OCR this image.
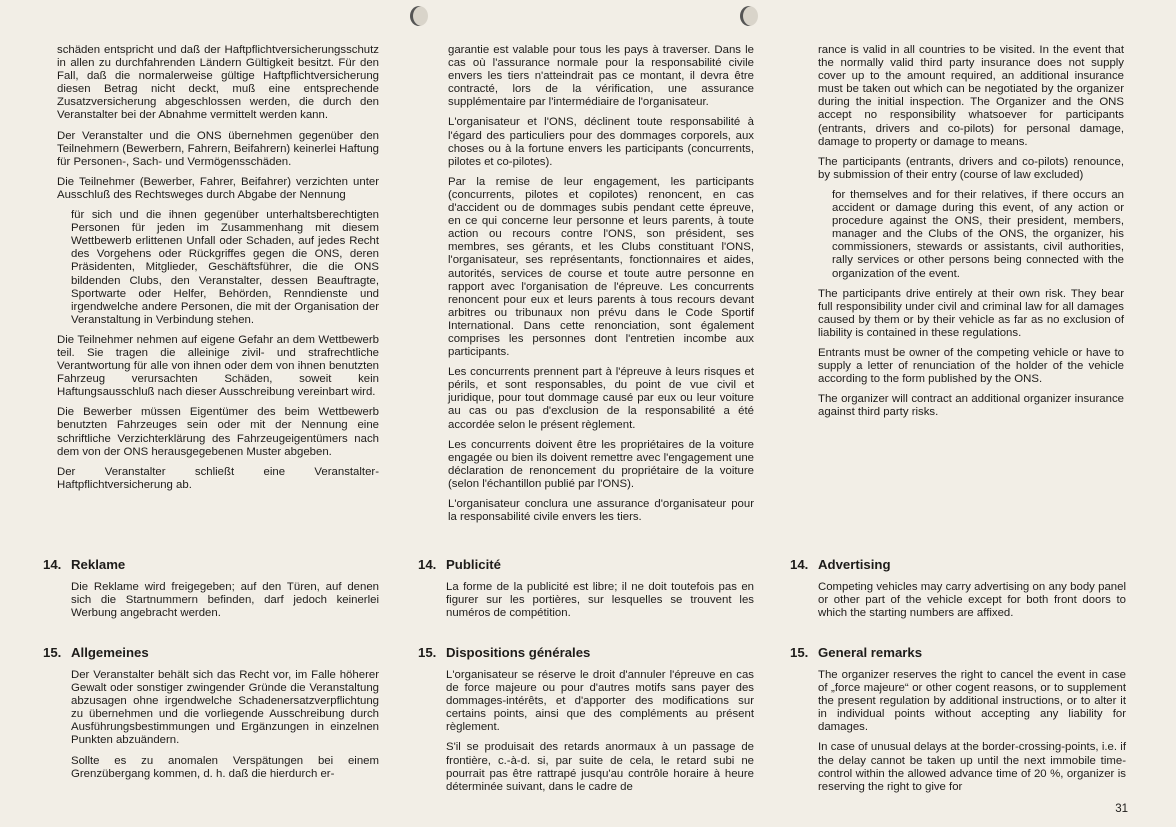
schäden entspricht und daß der Haftpflichtversicherungsschutz in allen zu durchfahrenden Ländern Gültigkeit besitzt. Für den Fall, daß die normalerweise gültige Haftpflichtversicherung diesen Betrag nicht deckt, muß eine entsprechende Zusatzversicherung abgeschlossen werden, die durch den Veranstalter bei der Abnahme vermittelt werden kann.

Der Veranstalter und die ONS übernehmen gegenüber den Teilnehmern (Bewerbern, Fahrern, Beifahrern) keinerlei Haftung für Personen-, Sach- und Vermögensschäden.

Die Teilnehmer (Bewerber, Fahrer, Beifahrer) verzichten unter Ausschluß des Rechtsweges durch Abgabe der Nennung

für sich und die ihnen gegenüber unterhaltsberechtigten Personen für jeden im Zusammenhang mit diesem Wettbewerb erlittenen Unfall oder Schaden, auf jedes Recht des Vorgehens oder Rückgriffes gegen die ONS, deren Präsidenten, Mitglieder, Geschäftsführer, die die ONS bildenden Clubs, den Veranstalter, dessen Beauftragte, Sportwarte oder Helfer, Behörden, Renndienste und irgendwelche andere Personen, die mit der Organisation der Veranstaltung in Verbindung stehen.

Die Teilnehmer nehmen auf eigene Gefahr an dem Wettbewerb teil. Sie tragen die alleinige zivil- und strafrechtliche Verantwortung für alle von ihnen oder dem von ihnen benutzten Fahrzeug verursachten Schäden, soweit kein Haftungsausschluß nach dieser Ausschreibung vereinbart wird.

Die Bewerber müssen Eigentümer des beim Wettbewerb benutzten Fahrzeuges sein oder mit der Nennung eine schriftliche Verzichterklärung des Fahrzeugeigentümers nach dem von der ONS herausgegebenen Muster abgeben.

Der Veranstalter schließt eine Veranstalter-Haftpflichtversicherung ab.

garantie est valable pour tous les pays à traverser. Dans le cas où l'assurance normale pour la responsabilité civile envers les tiers n'atteindrait pas ce montant, il devra être contracté, lors de la vérification, une assurance supplémentaire par l'intermédiaire de l'organisateur.

L'organisateur et l'ONS, déclinent toute responsabilité à l'égard des particuliers pour des dommages corporels, aux choses ou à la fortune envers les participants (concurrents, pilotes et co-pilotes).

Par la remise de leur engagement, les participants (concurrents, pilotes et copilotes) renoncent, en cas d'accident ou de dommages subis pendant cette épreuve, en ce qui concerne leur personne et leurs parents, à toute action ou recours contre l'ONS, son président, ses membres, ses gérants, et les Clubs constituant l'ONS, l'organisateur, ses représentants, fonctionnaires et aides, autorités, services de course et toute autre personne en rapport avec l'organisation de l'épreuve. Les concurrents renoncent pour eux et leurs parents à tous recours devant arbitres ou tribunaux non prévu dans le Code Sportif International. Dans cette renonciation, sont également comprises les personnes dont l'entretien incombe aux participants.

Les concurrents prennent part à l'épreuve à leurs risques et périls, et sont responsables, du point de vue civil et juridique, pour tout dommage causé par eux ou leur voiture au cas ou pas d'exclusion de la responsabilité a été accordée selon le présent règlement.

Les concurrents doivent être les propriétaires de la voiture engagée ou bien ils doivent remettre avec l'engagement une déclaration de renoncement du propriétaire de la voiture (selon l'échantillon publié par l'ONS).

L'organisateur conclura une assurance d'organisateur pour la responsabilité civile envers les tiers.

rance is valid in all countries to be visited. In the event that the normally valid third party insurance does not supply cover up to the amount required, an additional insurance must be taken out which can be negotiated by the organizer during the initial inspection. The Organizer and the ONS accept no responsibility whatsoever for participants (entrants, drivers and co-pilots) for personal damage, damage to property or damage to means.

The participants (entrants, drivers and co-pilots) renounce, by submission of their entry (course of law excluded)

for themselves and for their relatives, if there occurs an accident or damage during this event, of any action or procedure against the ONS, their president, members, manager and the Clubs of the ONS, the organizer, his commissioners, stewards or assistants, civil authorities, rally services or other persons being connected with the organization of the event.

The participants drive entirely at their own risk. They bear full responsibility under civil and criminal law for all damages caused by them or by their vehicle as far as no exclusion of liability is contained in these regulations.

Entrants must be owner of the competing vehicle or have to supply a letter of renunciation of the holder of the vehicle according to the form published by the ONS.

The organizer will contract an additional organizer insurance against third party risks.

14. Reklame

Die Reklame wird freigegeben; auf den Türen, auf denen sich die Startnummern befinden, darf jedoch keinerlei Werbung angebracht werden.

14. Publicité

La forme de la publicité est libre; il ne doit toutefois pas en figurer sur les portières, sur lesquelles se trouvent les numéros de compétition.

14. Advertising

Competing vehicles may carry advertising on any body panel or other part of the vehicle except for both front doors to which the starting numbers are affixed.

15. Allgemeines

Der Veranstalter behält sich das Recht vor, im Falle höherer Gewalt oder sonstiger zwingender Gründe die Veranstaltung abzusagen ohne irgendwelche Schadenersatzverpflichtung zu übernehmen und die vorliegende Ausschreibung durch Ausführungsbestimmungen und Ergänzungen in einzelnen Punkten abzuändern.

Sollte es zu anomalen Verspätungen bei einem Grenzübergang kommen, d. h. daß die hierdurch er-

15. Dispositions générales

L'organisateur se réserve le droit d'annuler l'épreuve en cas de force majeure ou pour d'autres motifs sans payer des dommages-intérêts, et d'apporter des modifications sur certains points, ainsi que des compléments au présent règlement.

S'il se produisait des retards anormaux à un passage de frontière, c.-à-d. si, par suite de cela, le retard subi ne pourrait pas être rattrapé jusqu'au contrôle horaire à heure déterminée suivant, dans le cadre de

15. General remarks

The organizer reserves the right to cancel the event in case of „force majeure“ or other cogent reasons, or to supplement the present regulation by additional instructions, or to alter it in individual points without accepting any liability for damages.

In case of unusual delays at the border-crossing-points, i.e. if the delay cannot be taken up until the next immobile time-control within the allowed advance time of 20 %, organizer is reserving the right to give for

31
